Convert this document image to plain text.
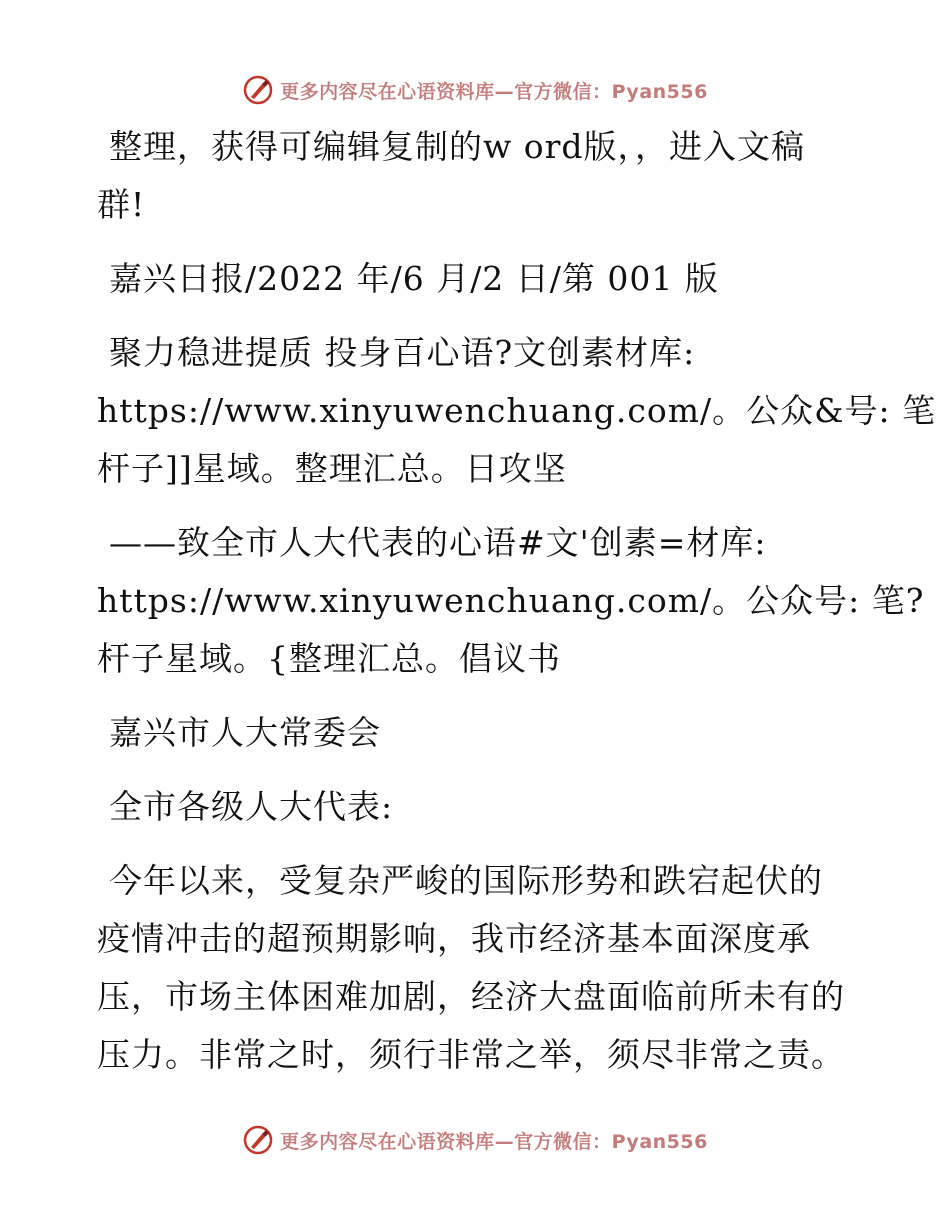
更多内容尽在心语资料库—官方微信：Pyan556
整理，获得可编辑复制的w ord版，，进入文稿
群!
嘉兴日报/2022 年/6 月/2 日/第 001 版
聚力稳进提质 投身百心语?文创素材库:
https://www.xinyuwenchuang.com/。公众&号: 笔
杆子]]星域。整理汇总。日攻坚
——致全市人大代表的心语#文'创素=材库:
https://www.xinyuwenchuang.com/。公众号: 笔?
杆子星域。{整理汇总。倡议书
嘉兴市人大常委会
全市各级人大代表:
今年以来，受复杂严峻的国际形势和跌宕起伏的
疫情冲击的超预期影响，我市经济基本面深度承
压，市场主体困难加剧，经济大盘面临前所未有的
压力。非常之时，须行非常之举，须尽非常之责。
更多内容尽在心语资料库—官方微信：Pyan556
